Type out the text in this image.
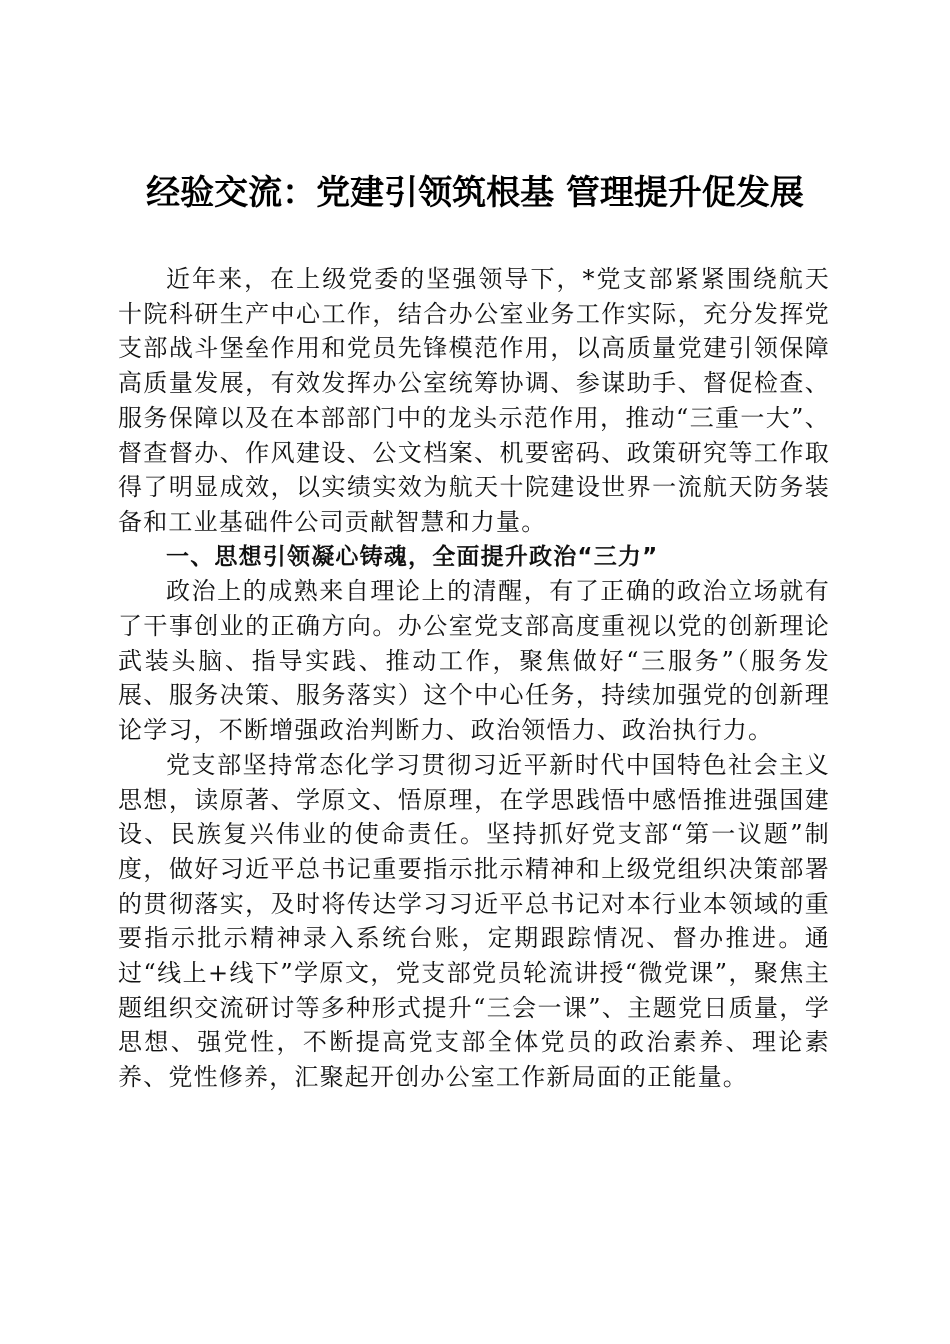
经验交流：党建引领筑根基 管理提升促发展

近年来，在上级党委的坚强领导下，*党支部紧紧围绕航天十院科研生产中心工作，结合办公室业务工作实际，充分发挥党支部战斗堡垒作用和党员先锋模范作用，以高质量党建引领保障高质量发展，有效发挥办公室统筹协调、参谋助手、督促检查、服务保障以及在本部部门中的龙头示范作用，推动“三重一大”、督查督办、作风建设、公文档案、机要密码、政策研究等工作取得了明显成效，以实绩实效为航天十院建设世界一流航天防务装备和工业基础件公司贡献智慧和力量。

一、思想引领凝心铸魂，全面提升政治“三力”

政治上的成熟来自理论上的清醒，有了正确的政治立场就有了干事创业的正确方向。办公室党支部高度重视以党的创新理论武装头脑、指导实践、推动工作，聚焦做好“三服务”（服务发展、服务决策、服务落实）这个中心任务，持续加强党的创新理论学习，不断增强政治判断力、政治领悟力、政治执行力。

党支部坚持常态化学习贯彻习近平新时代中国特色社会主义思想，读原著、学原文、悟原理，在学思践悟中感悟推进强国建设、民族复兴伟业的使命责任。坚持抓好党支部“第一议题”制度，做好习近平总书记重要指示批示精神和上级党组织决策部署的贯彻落实，及时将传达学习习近平总书记对本行业本领域的重要指示批示精神录入系统台账，定期跟踪情况、督办推进。通过“线上+线下”学原文，党支部党员轮流讲授“微党课”，聚焦主题组织交流研讨等多种形式提升“三会一课”、主题党日质量，学思想、强党性，不断提高党支部全体党员的政治素养、理论素养、党性修养，汇聚起开创办公室工作新局面的正能量。
